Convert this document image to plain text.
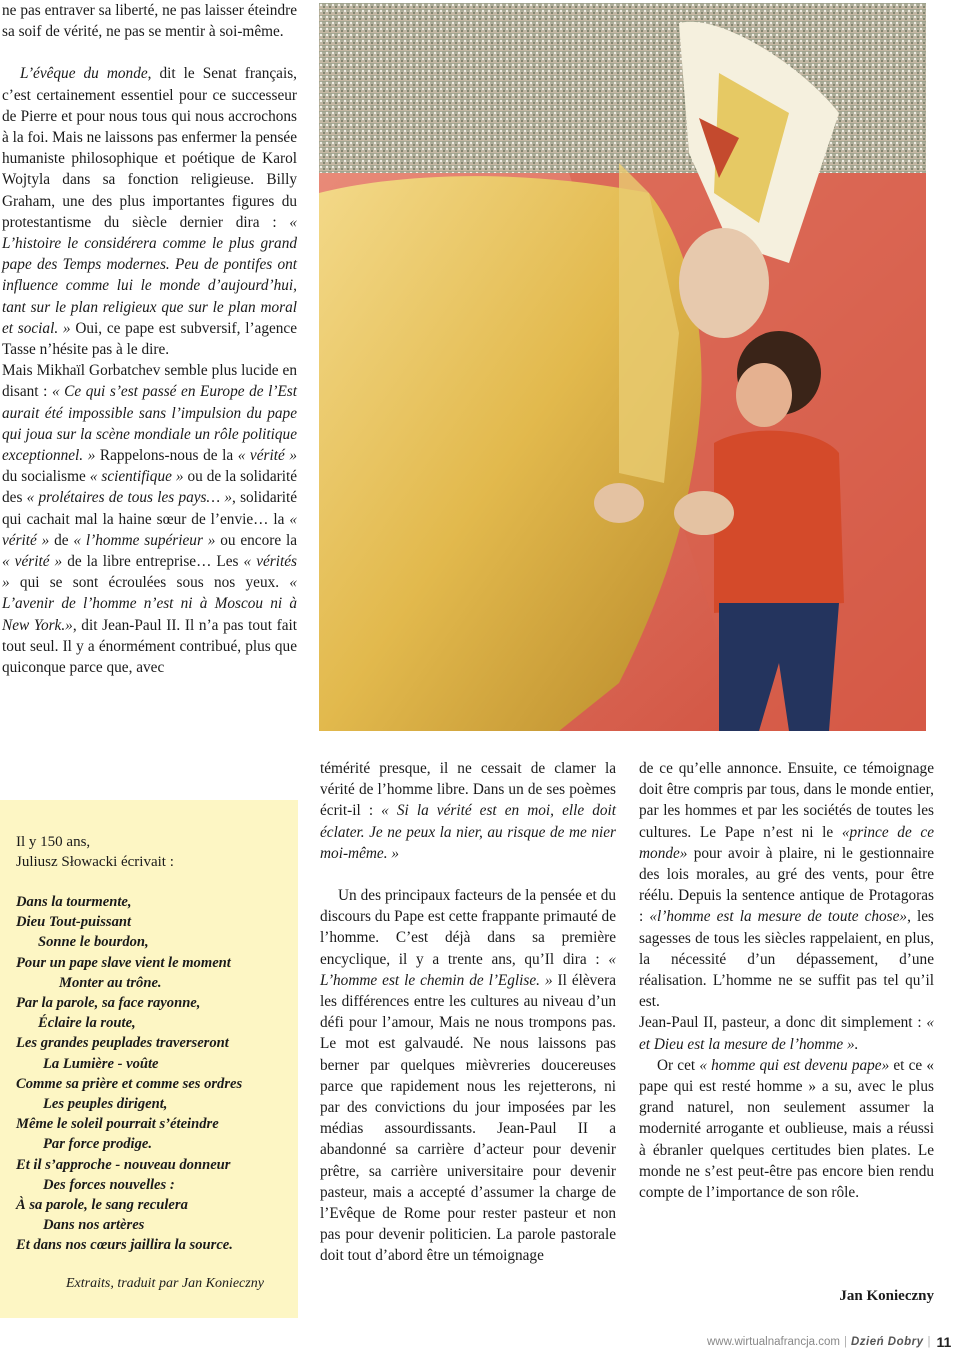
ne pas entraver sa liberté, ne pas laisser éteindre sa soif de vérité, ne pas se mentir à soi-même.

L’évêque du monde, dit le Senat français, c’est certainement essentiel pour ce successeur de Pierre et pour nous tous qui nous accrochons à la foi. Mais ne laissons pas enfermer la pensée humaniste philosophique et poétique de Karol Wojtyla dans sa fonction religieuse. Billy Graham, une des plus importantes figures du protestantisme du siècle dernier dira : « L’histoire le considérera comme le plus grand pape des Temps modernes. Peu de pontifes ont influence comme lui le monde d’aujourd’hui, tant sur le plan religieux que sur le plan moral et social. » Oui, ce pape est subversif, l’agence Tasse n’hésite pas à le dire.

Mais Mikhaïl Gorbatchev semble plus lucide en disant : « Ce qui s’est passé en Europe de l’Est aurait été impossible sans l’impulsion du pape qui joua sur la scène mondiale un rôle politique exceptionnel. » Rappelons-nous de la « vérité » du socialisme « scientifique » ou de la solidarité des « prolétaires de tous les pays… », solidarité qui cachait mal la haine sœur de l’envie… la « vérité » de « l’homme supérieur » ou encore la « vérité » de la libre entreprise… Les « vérités » qui se sont écroulées sous nos yeux. « L’avenir de l’homme n’est ni à Moscou ni à New York.», dit Jean-Paul II. Il n’a pas tout fait tout seul. Il y a énormément contribué, plus que quiconque parce que, avec

Il y 150 ans,
Juliusz Słowacki écrivait :
Dans la tourmente,
Dieu Tout-puissant
Sonne le bourdon,
Pour un pape slave vient le moment
Monter au trône.
Par la parole, sa face rayonne,
Éclaire la route,
Les grandes peuplades traverseront
La Lumière - voûte
Comme sa prière et comme ses ordres
Les peuples dirigent,
Même le soleil pourrait s’éteindre
Par force prodige.
Et il s’approche - nouveau donneur
Des forces nouvelles :
À sa parole, le sang reculera
Dans nos artères
Et dans nos cœurs jaillira la source.
Extraits, traduit par Jan Konieczny

témérité presque, il ne cessait de clamer la vérité de l’homme libre. Dans un de ses poèmes écrit-il : « Si la vérité est en moi, elle doit éclater. Je ne peux la nier, au risque de me nier moi-même. »

Un des principaux facteurs de la pensée et du discours du Pape est cette frappante primauté de l’homme. C’est déjà dans sa première encyclique, il y a trente ans, qu’Il dira : « L’homme est le chemin de l’Eglise. » Il élèvera les différences entre les cultures au niveau d’un défi pour l’amour, Mais ne nous trompons pas. Le mot est galvaudé. Ne nous laissons pas berner par quelques mièvreries doucereuses parce que rapidement nous les rejetterons, ni par des convictions du jour imposées par les médias assourdissants. Jean-Paul II a abandonné sa carrière d’acteur pour devenir prêtre, sa carrière universitaire pour devenir pasteur, mais a accepté d’assumer la charge de l’Evêque de Rome pour rester pasteur et non pas pour devenir politicien. La parole pastorale doit tout d’abord être un témoignage

de ce qu’elle annonce. Ensuite, ce témoignage doit être compris par tous, dans le monde entier, par les hommes et par les sociétés de toutes les cultures. Le Pape n’est ni le «prince de ce monde» pour avoir à plaire, ni le gestionnaire des lois morales, au gré des vents, pour être réélu. Depuis la sentence antique de Protagoras : «l’homme est la mesure de toute chose», les sagesses de tous les siècles rappelaient, en plus, la nécessité d’un dépassement, d’une réalisation. L’homme ne se suffit pas tel qu’il est.

Jean-Paul II, pasteur, a donc dit simplement : « et Dieu est la mesure de l’homme ».

Or cet « homme qui est devenu pape» et ce « pape qui est resté homme » a su, avec le plus grand naturel, non seulement assumer la modernité arrogante et oublieuse, mais a réussi à ébranler quelques certitudes bien plates. Le monde ne s’est peut-être pas encore bien rendu compte de l’importance de son rôle.

Jan Konieczny
www.wirtualnafrancja.com | Dzień Dobry | 11
